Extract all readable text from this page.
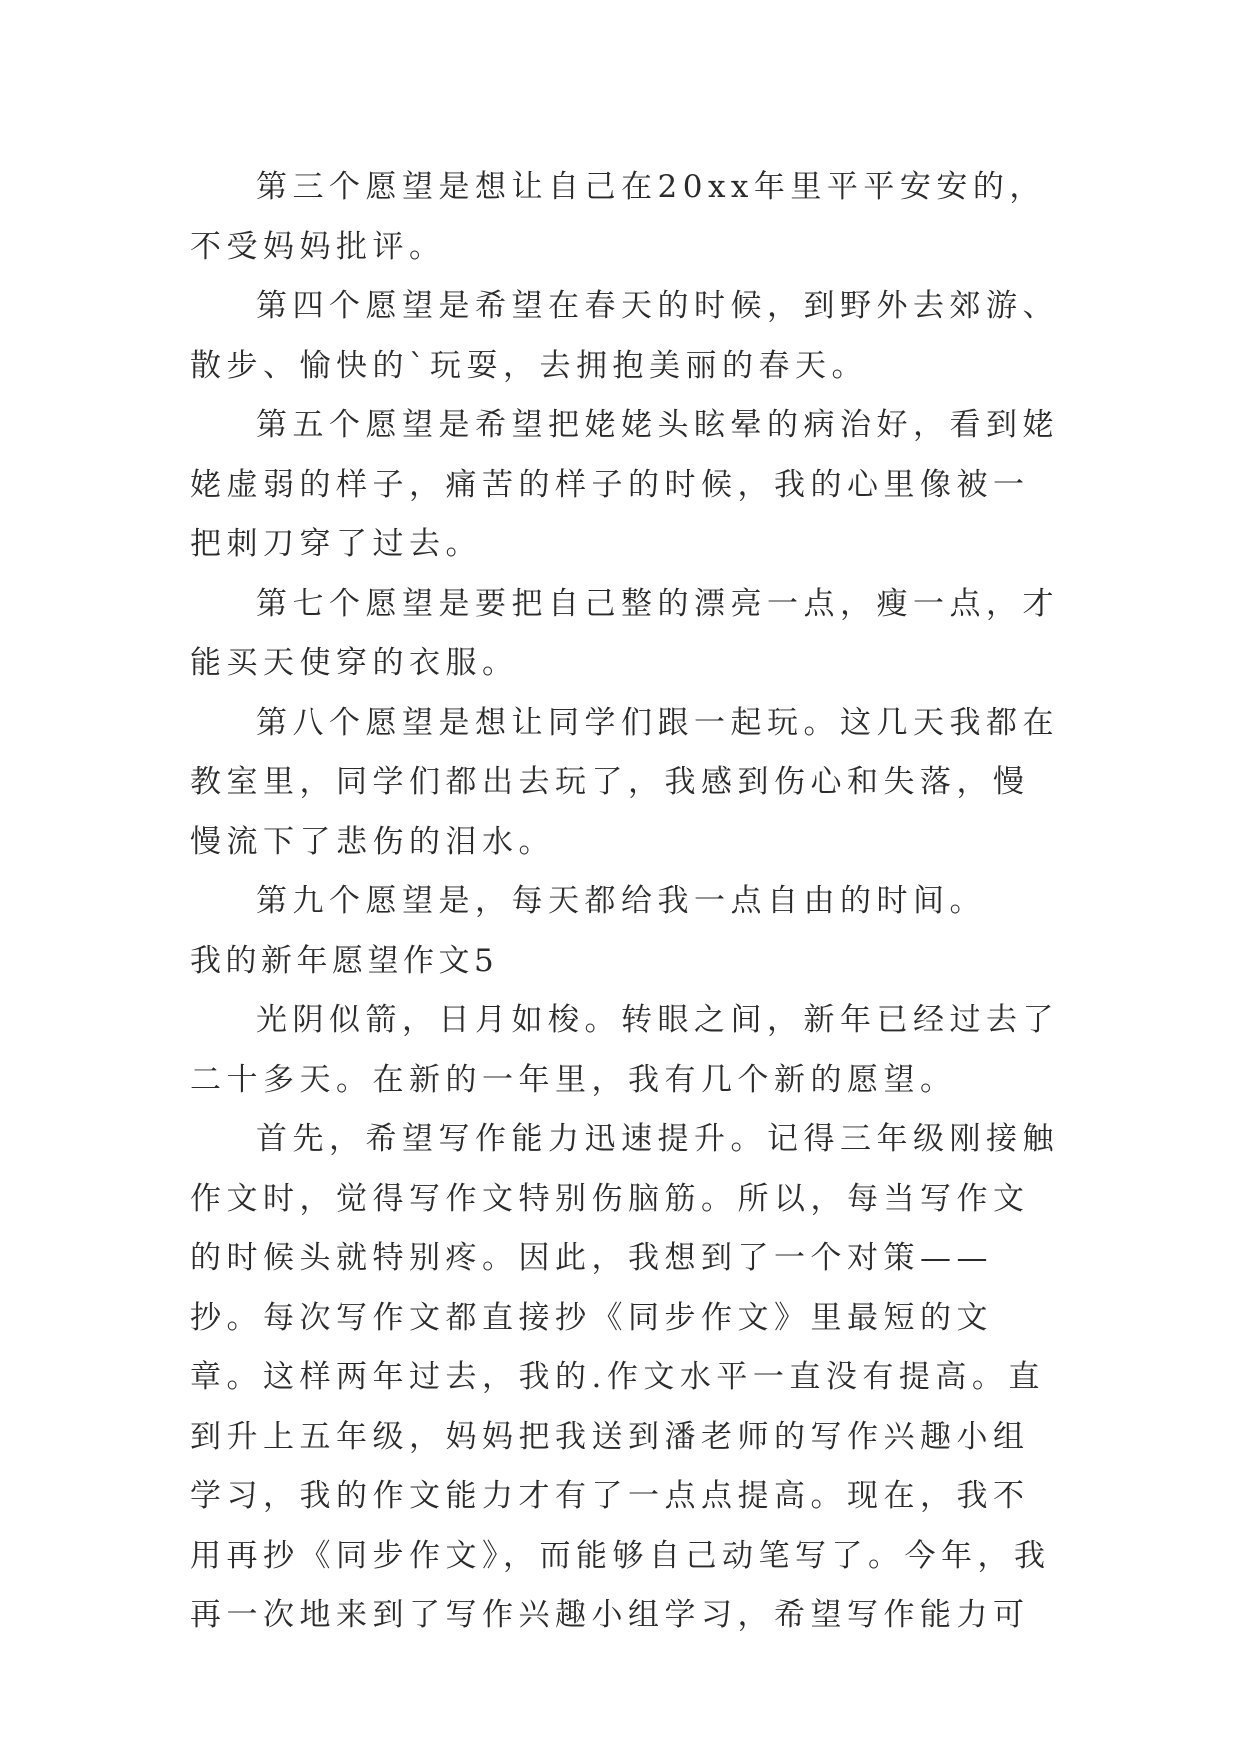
第三个愿望是想让自己在20xx年里平平安安的，不受妈妈批评。

第四个愿望是希望在春天的时候，到野外去郊游、散步、愉快的`玩耍，去拥抱美丽的春天。

第五个愿望是希望把姥姥头眩晕的病治好，看到姥姥虚弱的样子，痛苦的样子的时候，我的心里像被一把刺刀穿了过去。

第七个愿望是要把自己整的漂亮一点，瘦一点，才能买天使穿的衣服。

第八个愿望是想让同学们跟一起玩。这几天我都在教室里，同学们都出去玩了，我感到伤心和失落，慢慢流下了悲伤的泪水。

第九个愿望是，每天都给我一点自由的时间。

我的新年愿望作文5

光阴似箭，日月如梭。转眼之间，新年已经过去了二十多天。在新的一年里，我有几个新的愿望。

首先，希望写作能力迅速提升。记得三年级刚接触作文时，觉得写作文特别伤脑筋。所以，每当写作文的时候头就特别疼。因此，我想到了一个对策——抄。每次写作文都直接抄《同步作文》里最短的文章。这样两年过去，我的.作文水平一直没有提高。直到升上五年级，妈妈把我送到潘老师的写作兴趣小组学习，我的作文能力才有了一点点提高。现在，我不用再抄《同步作文》，而能够自己动笔写了。今年，我再一次地来到了写作兴趣小组学习，希望写作能力可
